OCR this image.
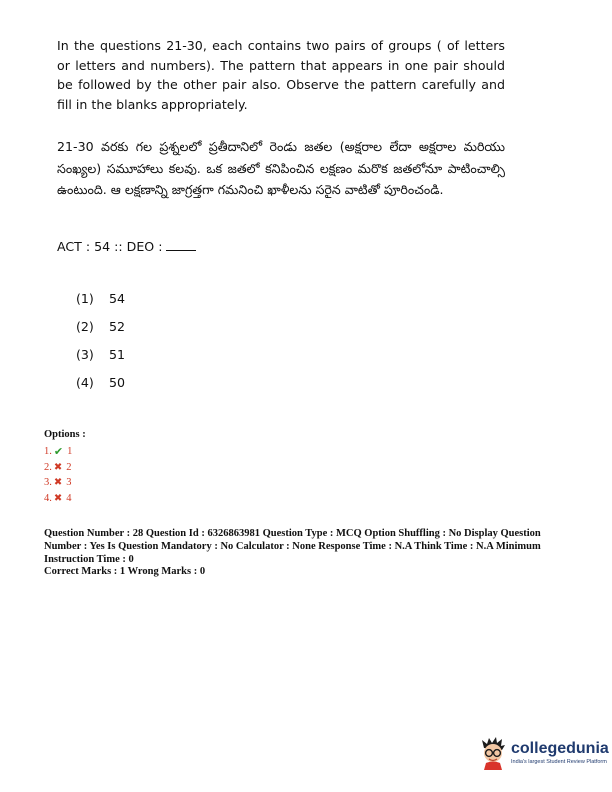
In the questions 21-30, each contains two pairs of groups ( of letters or letters and numbers). The pattern that appears in one pair should be followed by the other pair also. Observe the pattern carefully and fill in the blanks appropriately.
21-30 వరకు గల ప్రశ్నలలో ప్రతీదానిలో రెండు జతల (అక్షరాల లేదా అక్షరాల మరియు సంఖ్యల) సమూహాలు కలవు. ఒక జతలో కనిపించిన లక్షణం మరొక జతలోనూ పాటించాల్సి ఉంటుంది. ఆ లక్షణాన్ని జాగ్రత్తగా గమనించి ఖాళీలను సరైన వాటితో పూరించండి.
ACT : 54 :: DEO :
(1)	54
(2)	52
(3)	51
(4)	50
Options :
1. ✔ 1
2. ✖ 2
3. ✖ 3
4. ✖ 4
Question Number : 28 Question Id : 6326863981 Question Type : MCQ Option Shuffling : No Display Question Number : Yes Is Question Mandatory : No Calculator : None Response Time : N.A Think Time : N.A Minimum Instruction Time : 0
Correct Marks : 1 Wrong Marks : 0
collegedunia
India's largest Student Review Platform
